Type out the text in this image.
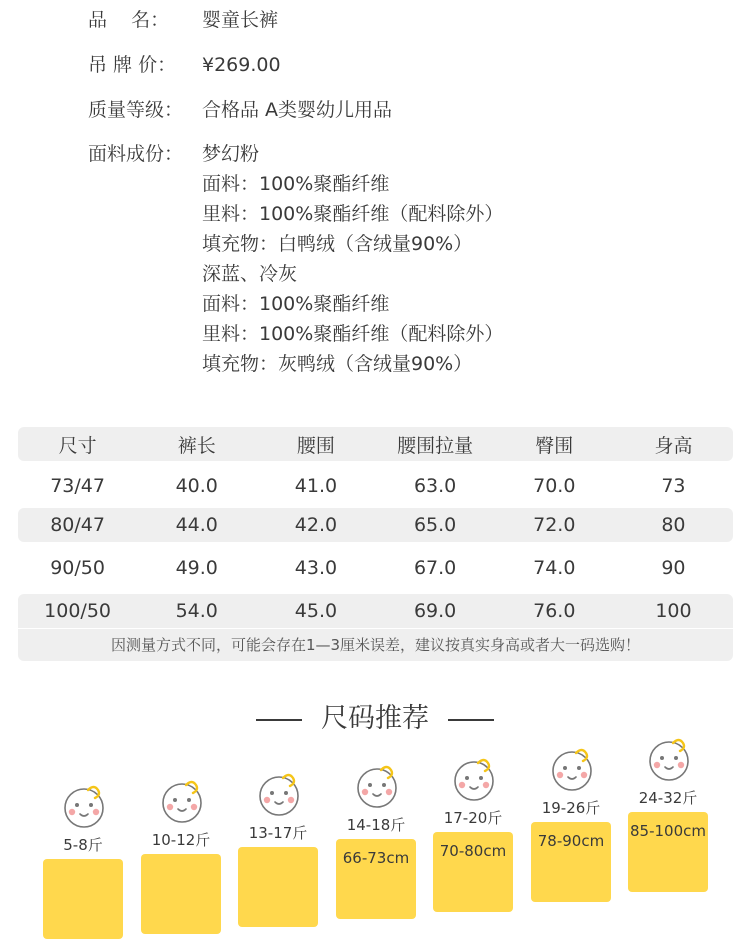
品    名： 婴童长裤
吊 牌 价： ¥269.00
质量等级： 合格品 A类婴幼儿用品
面料成份： 梦幻粉
面料：100%聚酯纤维
里料：100%聚酯纤维（配料除外）
填充物：白鸭绒（含绒量90%）
深蓝、冷灰
面料：100%聚酯纤维
里料：100%聚酯纤维（配料除外）
填充物：灰鸭绒（含绒量90%）
尺寸	裤长	腰围	腰围拉量	臀围	身高
73/47	40.0	41.0	63.0	70.0	73
80/47	44.0	42.0	65.0	72.0	80
90/50	49.0	43.0	67.0	74.0	90
100/50	54.0	45.0	69.0	76.0	100
因测量方式不同，可能会存在1—3厘米误差，建议按真实身高或者大一码选购！
尺码推荐
5-8斤	10-12斤	13-17斤	14-18斤
66-73cm
17-20斤
70-80cm
19-26斤
78-90cm
24-32斤
85-100cm
